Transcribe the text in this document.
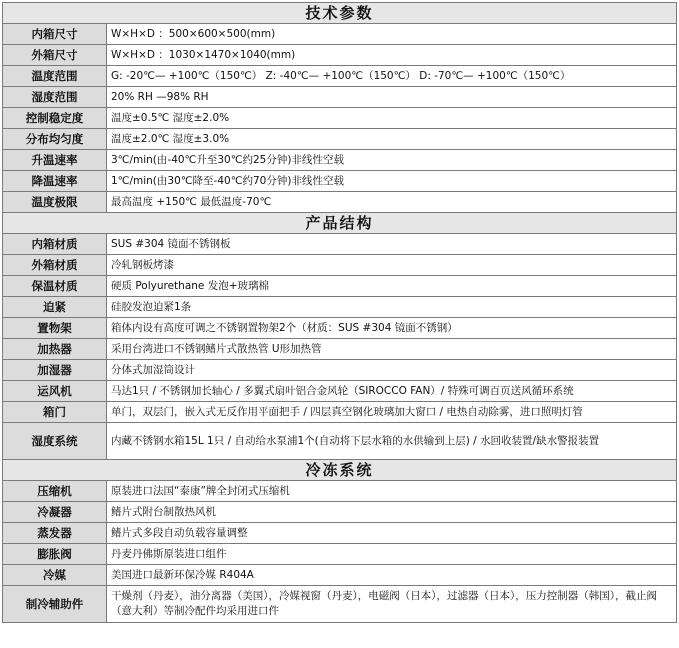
技术参数	
内箱尺寸	W×H×D ：500×600×500(mm)
外箱尺寸	W×H×D ：1030×1470×1040(mm)
温度范围	G: -20℃— +100℃（150℃） Z: -40℃— +100℃（150℃） D: -70℃— +100℃（150℃）
湿度范围	20% RH —98% RH
控制稳定度	温度±0.5℃ 湿度±2.0%
分布均匀度	温度±2.0℃ 湿度±3.0%
升温速率	3℃/min(由-40℃升至30℃约25分钟)非线性空载
降温速率	1℃/min(由30℃降至-40℃约70分钟)非线性空载
温度极限	最高温度 +150℃ 最低温度-70℃
产品结构	
内箱材质	SUS #304 镜面不锈钢板
外箱材质	冷轧钢板烤漆
保温材质	硬质 Polyurethane 发泡+玻璃棉
迫紧	硅胶发泡迫紧1条
置物架	箱体内设有高度可调之不锈钢置物架2个（材质：SUS #304 镜面不锈钢）
加热器	采用台湾进口不锈钢鳍片式散热管 U形加热管
加湿器	分体式加湿筒设计
运风机	马达1只 / 不锈钢加长轴心 / 多翼式扇叶铝合金风轮（SIROCCO FAN）/ 特殊可调百页送风循环系统
箱门	单门，双层门，嵌入式无反作用平面把手 / 四层真空钢化玻璃加大窗口 / 电热自动除雾，进口照明灯管
湿度系统	内藏不锈钢水箱15L 1只 / 自动给水泵浦1个(自动将下层水箱的水供输到上层) / 水回收装置/缺水警报装置
冷冻系统	
压缩机	原装进口法国“泰康”牌全封闭式压缩机
冷凝器	鳍片式附台制散热风机
蒸发器	鳍片式多段自动负载容量调整
膨胀阀	丹麦丹佛斯原装进口组件
冷媒	美国进口最新环保冷媒 R404A
制冷辅助件	干燥剂（丹麦），油分离器（美国），冷媒视窗（丹麦），电磁阀（日本），过滤器（日本），压力控制器（韩国），截止阀（意大利）等制冷配件均采用进口件
